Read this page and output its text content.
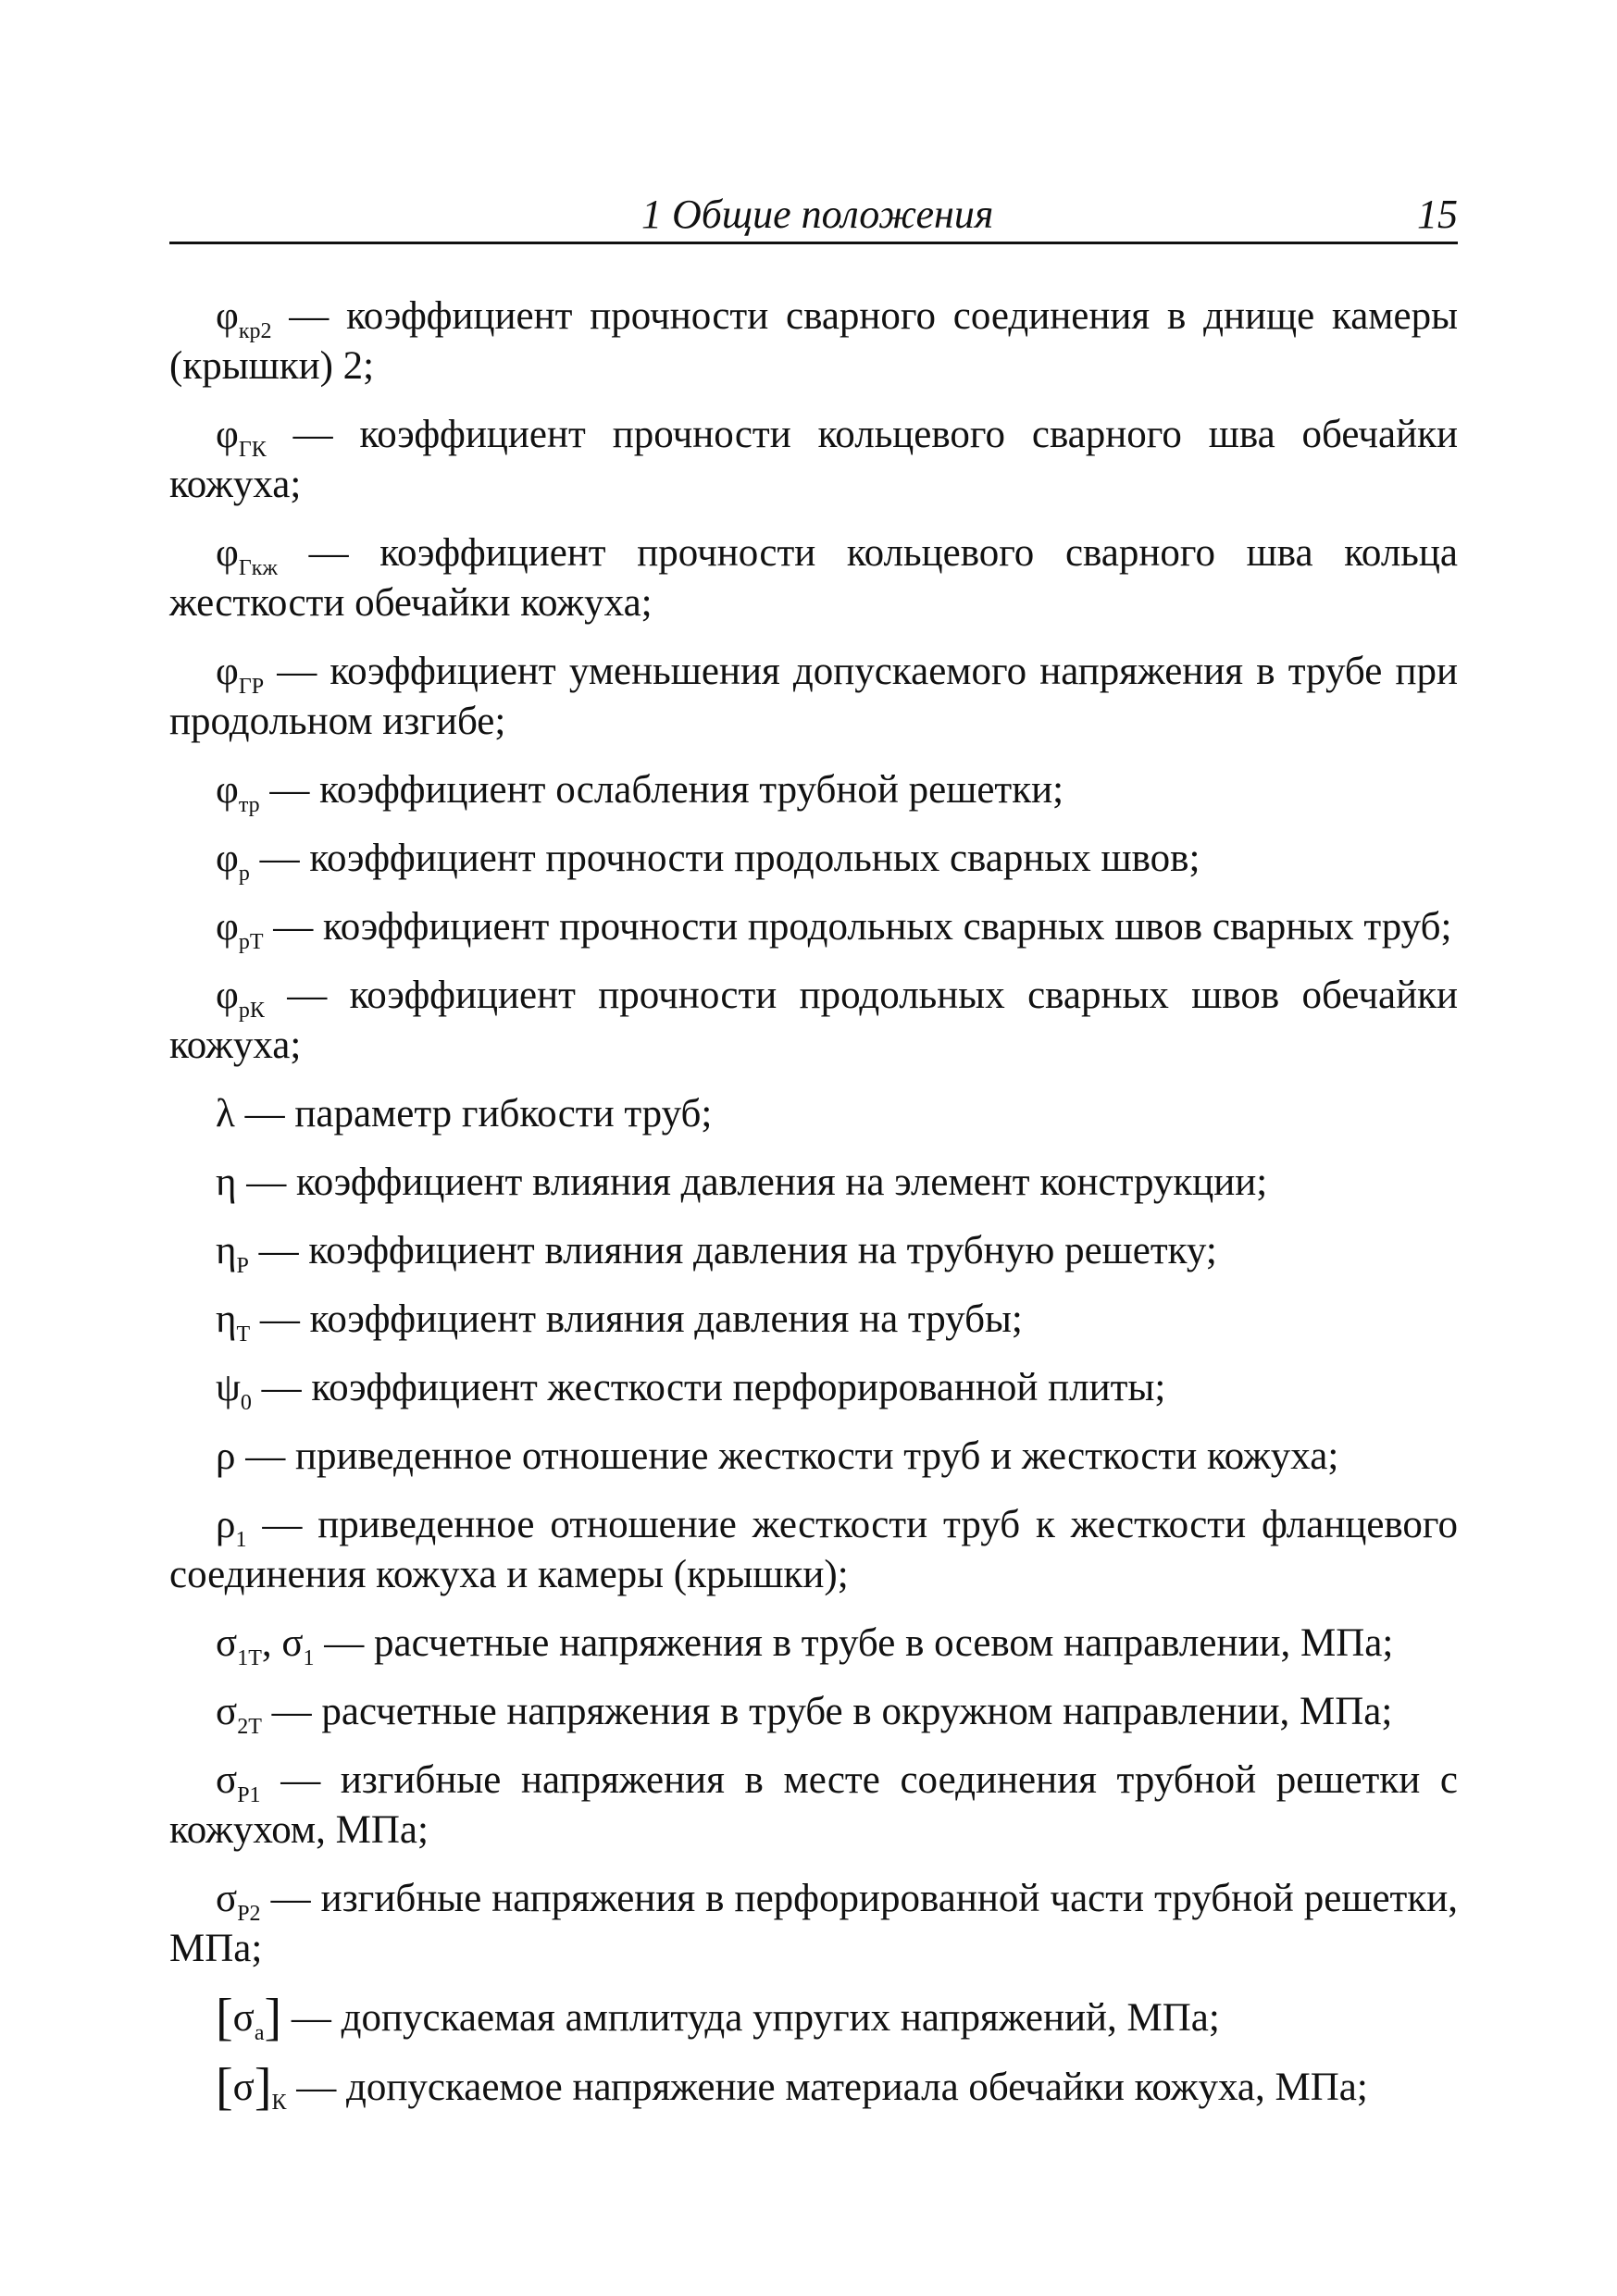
1 Общие положения	15

$\varphi_{кр2}$ — коэффициент прочности сварного соединения в днище камеры (крышки) 2;

$\varphi_{ГК}$ — коэффициент прочности кольцевого сварного шва обечайки кожуха;

$\varphi_{Гкж}$ — коэффициент прочности кольцевого сварного шва кольца жесткости обечайки кожуха;

$\varphi_{ГР}$ — коэффициент уменьшения допускаемого напряжения в трубе при продольном изгибе;

$\varphi_{тр}$ — коэффициент ослабления трубной решетки;

$\varphi_р$ — коэффициент прочности продольных сварных швов;

$\varphi_{рТ}$ — коэффициент прочности продольных сварных швов сварных труб;

$\varphi_{рК}$ — коэффициент прочности продольных сварных швов обечайки кожуха;

λ — параметр гибкости труб;

η — коэффициент влияния давления на элемент конструкции;

$\eta_Р$ — коэффициент влияния давления на трубную решетку;

$\eta_Т$ — коэффициент влияния давления на трубы;

$\psi_0$ — коэффициент жесткости перфорированной плиты;

ρ — приведенное отношение жесткости труб и жесткости кожуха;

$\rho_1$ — приведенное отношение жесткости труб к жесткости фланцевого соединения кожуха и камеры (крышки);

$\sigma_{1Т}$, $\sigma_1$ — расчетные напряжения в трубе в осевом направлении, МПа;

$\sigma_{2Т}$ — расчетные напряжения в трубе в окружном направлении, МПа;

$\sigma_{Р1}$ — изгибные напряжения в месте соединения трубной решетки с кожухом, МПа;

$\sigma_{Р2}$ — изгибные напряжения в перфорированной части трубной решетки, МПа;

$[\sigma_а]$ — допускаемая амплитуда упругих напряжений, МПа;

$[\sigma]_К$ — допускаемое напряжение материала обечайки кожуха, МПа;
